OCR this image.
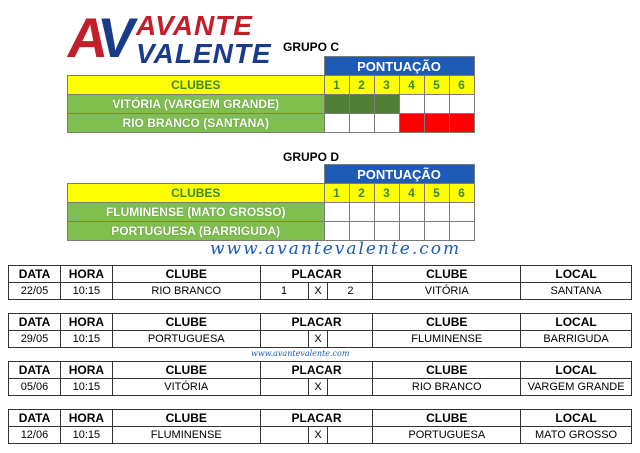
AV AVANTE
VALENTE GRUPO C
	PONTUAÇÃO					
CLUBES	1	2	3	4	5	6
VITÓRIA (VARGEM GRANDE)						
RIO BRANCO (SANTANA)						
GRUPO D
	PONTUAÇÃO					
CLUBES	1	2	3	4	5	6
FLUMINENSE (MATO GROSSO)						
PORTUGUESA (BARRIGUDA)						
www.avantevalente.com
DATA	HORA	CLUBE	PLACAR			CLUBE	LOCAL
22/05	10:15	RIO BRANCO	1	X	2	VITÓRIA	SANTANA
DATA	HORA	CLUBE	PLACAR			CLUBE	LOCAL
29/05	10:15	PORTUGUESA		X		FLUMINENSE	BARRIGUDA
www.avantevalente.com
DATA	HORA	CLUBE	PLACAR			CLUBE	LOCAL
05/06	10:15	VITÓRIA		X		RIO BRANCO	VARGEM GRANDE
DATA	HORA	CLUBE	PLACAR			CLUBE	LOCAL
12/06	10:15	FLUMINENSE		X		PORTUGUESA	MATO GROSSO
